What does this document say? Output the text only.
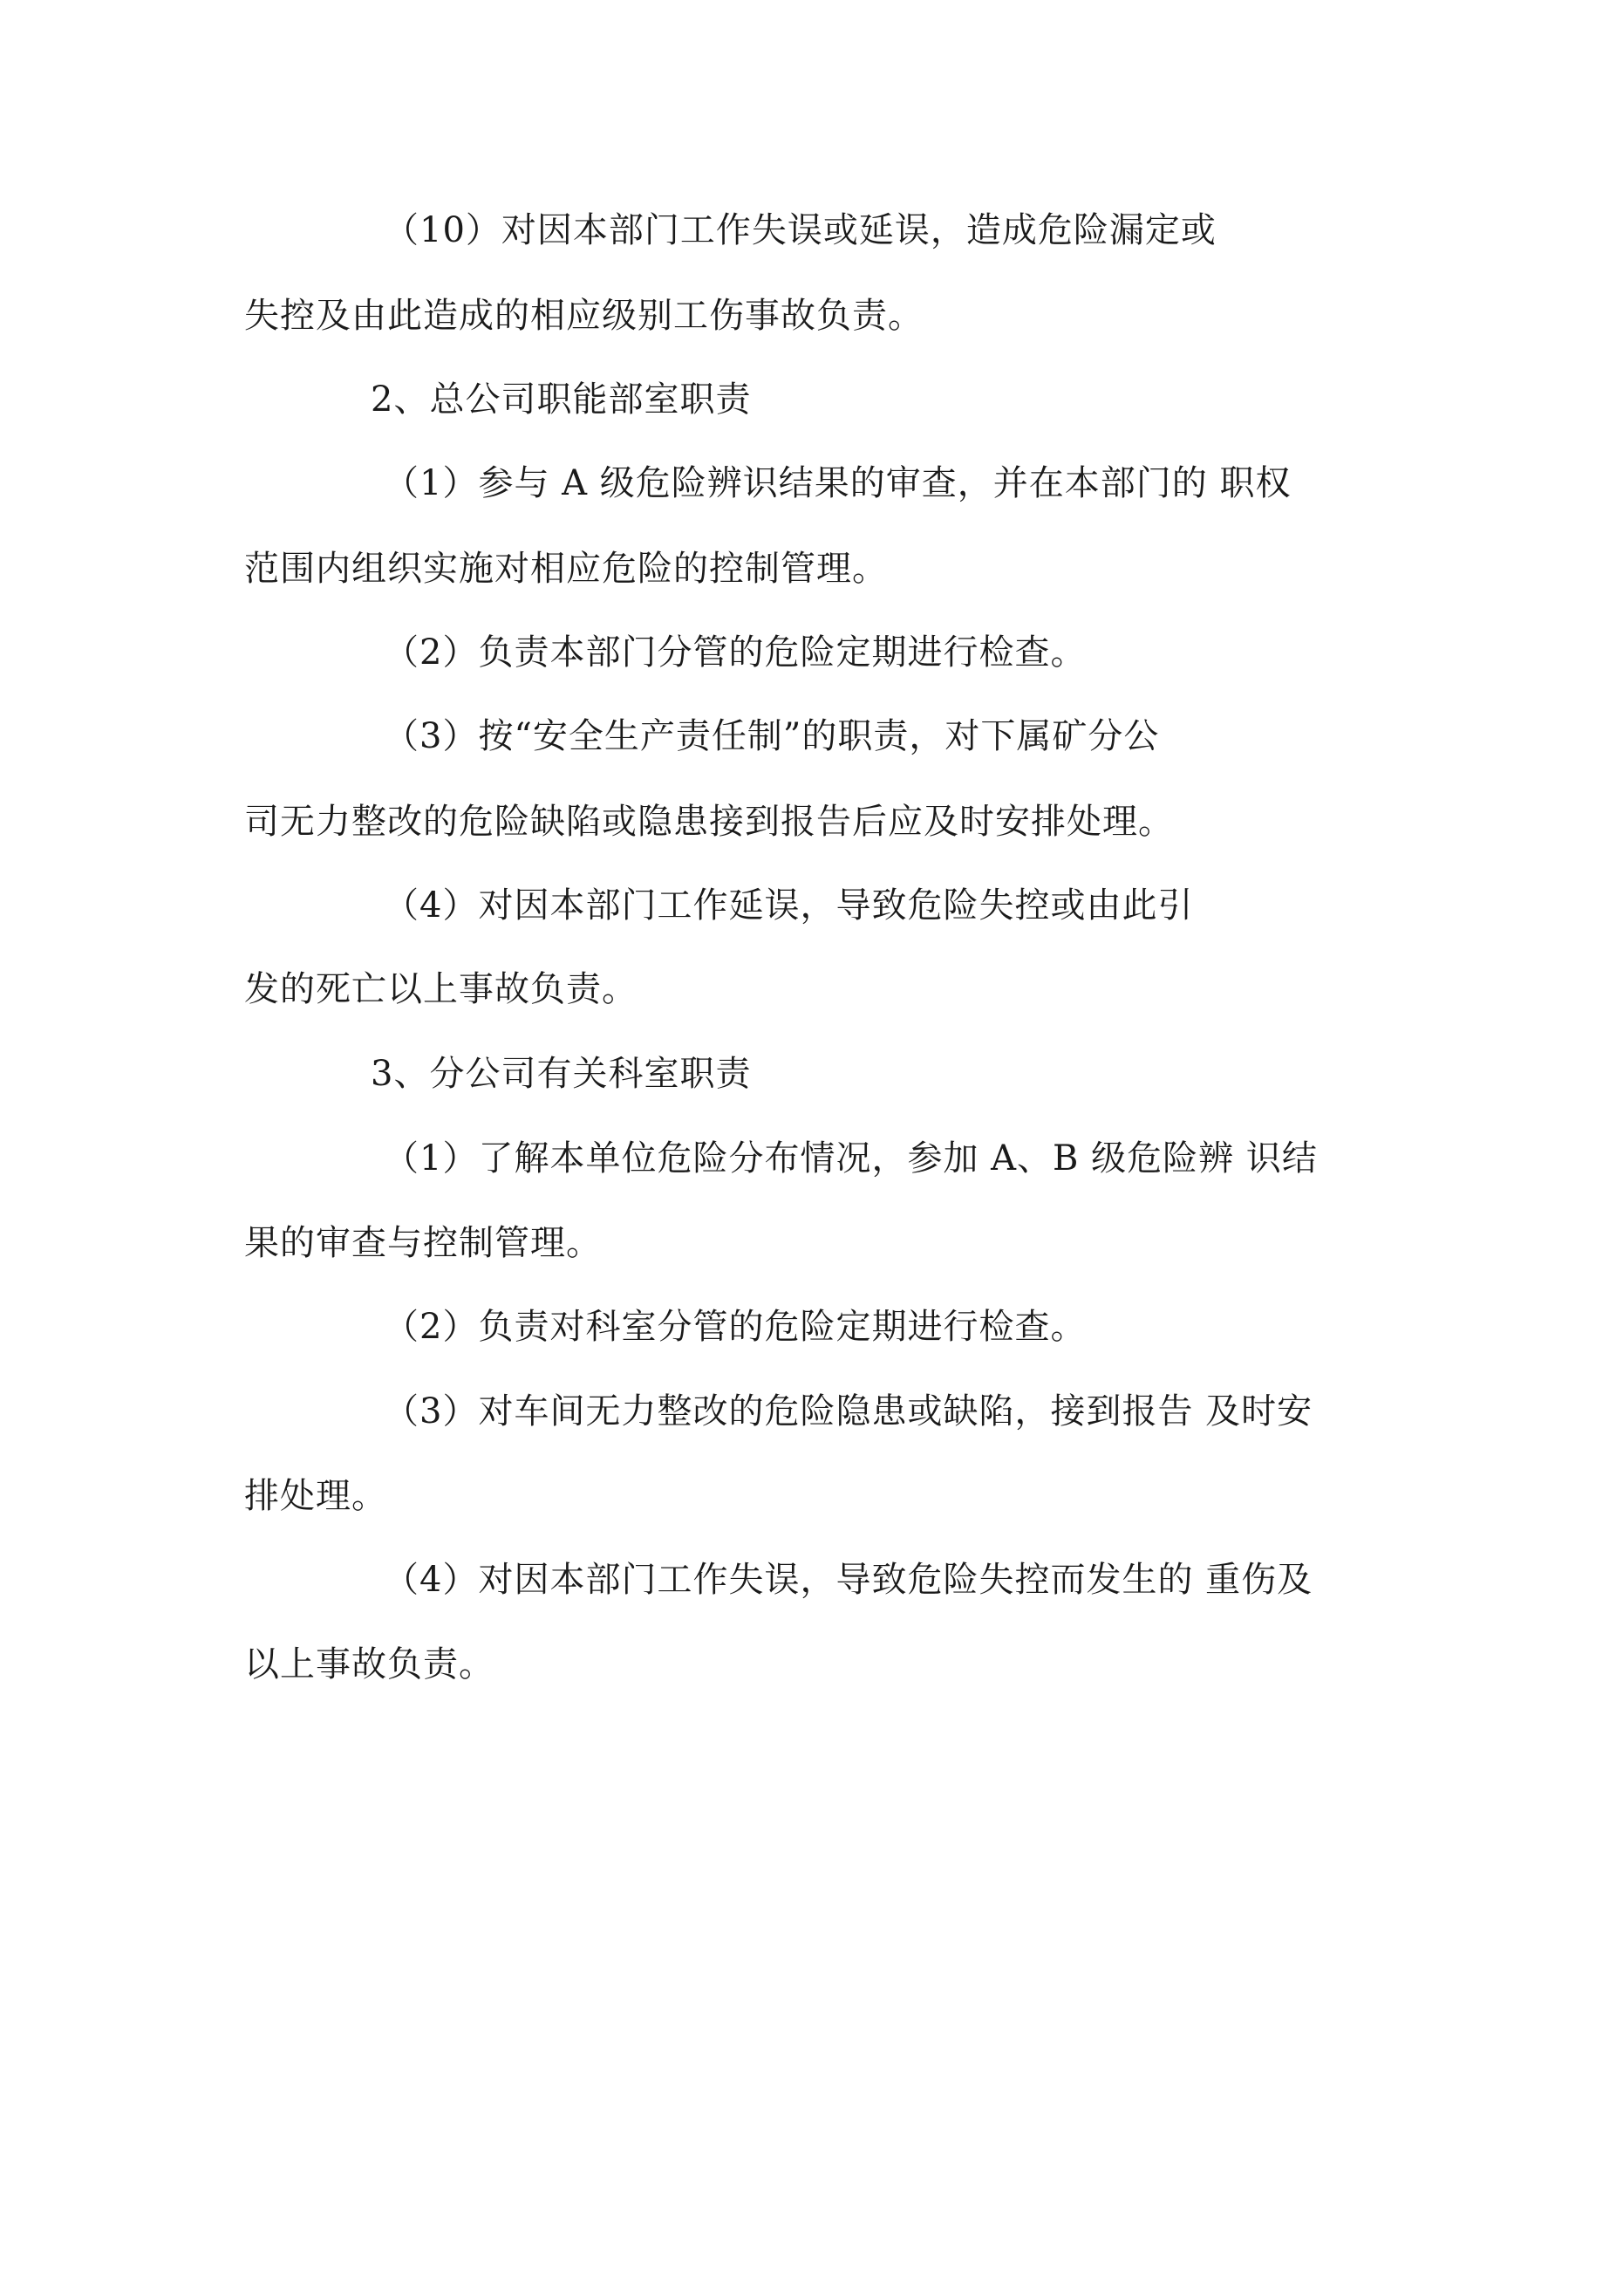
（10）对因本部门工作失误或延误，造成危险漏定或
失控及由此造成的相应级别工伤事故负责。
2、总公司职能部室职责
（1）参与 A 级危险辨识结果的审查，并在本部门的 职权
范围内组织实施对相应危险的控制管理。
（2）负责本部门分管的危险定期进行检查。
（3）按“安全生产责任制”的职责，对下属矿分公
司无力整改的危险缺陷或隐患接到报告后应及时安排处理。
（4）对因本部门工作延误，导致危险失控或由此引
发的死亡以上事故负责。
3、分公司有关科室职责
（1）了解本单位危险分布情况，参加 A、B 级危险辨 识结
果的审查与控制管理。
（2）负责对科室分管的危险定期进行检查。
（3）对车间无力整改的危险隐患或缺陷，接到报告 及时安
排处理。
（4）对因本部门工作失误，导致危险失控而发生的 重伤及
以上事故负责。
